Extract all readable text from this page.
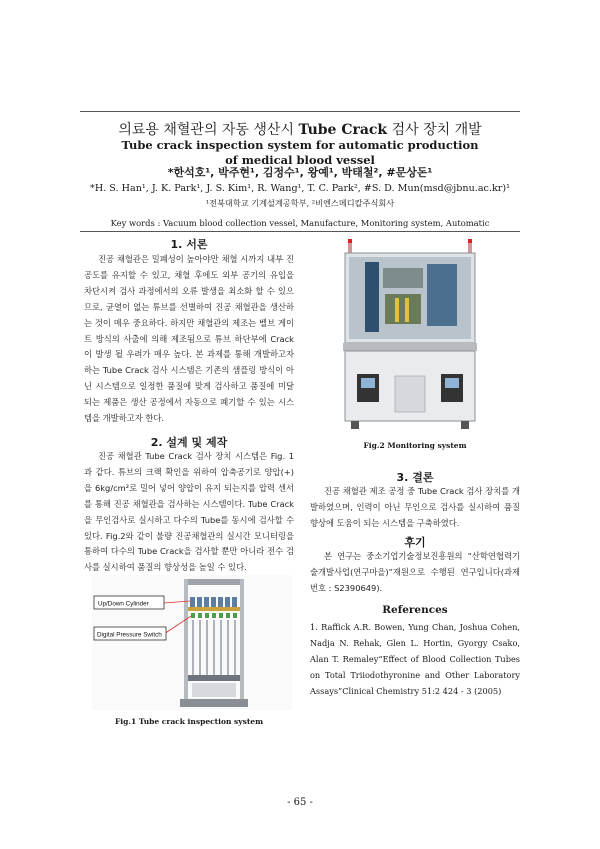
의료용 채혈관의 자동 생산시 Tube Crack 검사 장치 개발
Tube crack inspection system for automatic production
of medical blood vessel
*한석호¹, 박주현¹, 김정수¹, 왕예¹, 박태철², #문상돈¹
*H. S. Han¹, J. K. Park¹, J. S. Kim¹, R. Wang¹, T. C. Park², #S. D. Mun(msd@jbnu.ac.kr)¹
¹전북대학교 기계설계공학부, ²비엔스메디칼주식회사
Key words : Vacuum blood collection vessel, Manufacture, Monitoring system, Automatic
1. 서론
진공 채혈관은 밀폐성이 높아야만 채혈 시까지 내부 진공도를 유지할 수 있고, 채혈 후에도 외부 공기의 유입을 차단시켜 검사 과정에서의 오류 발생을 최소화 할 수 있으므로, 균열이 없는 튜브를 선별하여 진공 채혈관을 생산하는 것이 매우 중요하다. 하지만 채혈관의 제조는 벨브 게이트 방식의 사출에 의해 제조됨으로 튜브 하단부에 Crack이 발생 될 우려가 매우 높다. 본 과제를 통해 개발하고자 하는 Tube Crack 검사 시스템은 기존의 샘플링 방식이 아닌 시스템으로 일정한 품질에 맞게 검사하고 품질에 미달되는 제품은 생산 공정에서 자동으로 폐기할 수 있는 시스템을 개발하고자 한다.
2. 설계 및 제작
진공 채혈관 Tube Crack 검사 장치 시스템은 Fig. 1과 같다. 튜브의 크랙 확인을 위하여 압축공기로 양압(+)을 6kg/cm²로 밀어 넣어 양압이 유지 되는지를 압력 센서를 통해 진공 채혈관을 검사하는 시스템이다. Tube Crack을 무인검사로 실시하고 다수의 Tube를 동시에 검사할 수 있다. Fig.2와 같이 불량 진공채혈관의 실시간 모니터링을 통하여 다수의 Tube Crack을 검사할 뿐만 아니라 전수 검사를 실시하여 품질의 향상성을 높일 수 있다.
Up/Down Cylinder
Digital Pressure Switch
Fig.1 Tube crack inspection system
Fig.2 Monitoring system
3. 결론
진공 채혈관 제조 공정 중 Tube Crack 검사 장치를 개발하였으며, 인력이 아닌 무인으로 검사를 실시하여 품질 향상에 도움이 되는 시스템을 구축하였다.
후기
본 연구는 중소기업기술정보진흥원의 “산학연협력기술개발사업(연구마을)”재원으로 수행된 연구입니다(과제번호 : S2390649).
References
1. Raffick A.R. Bowen, Yung Chan, Joshua Cohen, Nadja N. Rehak, Glen L. Hortin, Gyorgy Csako, Alan T. Remaley“Effect of Blood Collection Tubes on Total Triiodothyronine and Other Laboratory Assays”Clinical Chemistry 51:2 424 - 3 (2005)
- 65 -
